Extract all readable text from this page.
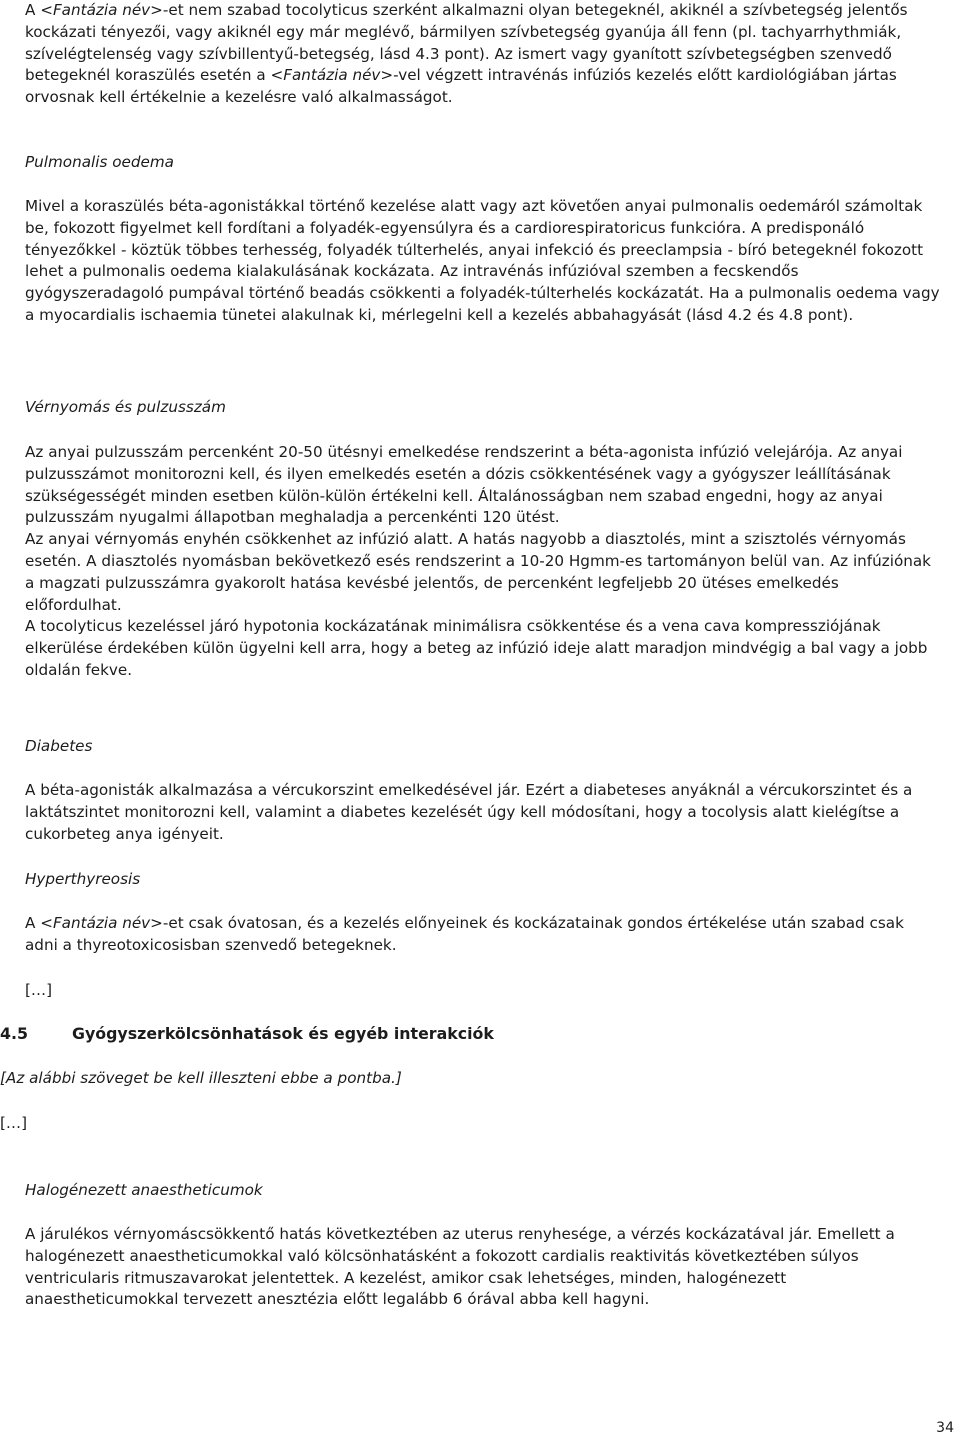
A <Fantázia név>-et nem szabad tocolyticus szerként alkalmazni olyan betegeknél, akiknél a szívbetegség jelentős kockázati tényezői, vagy akiknél egy már meglévő, bármilyen szívbetegség gyanúja áll fenn (pl. tachyarrhythmiák, szívelégtelenség vagy szívbillentyű-betegség, lásd 4.3 pont). Az ismert vagy gyanított szívbetegségben szenvedő betegeknél koraszülés esetén a <Fantázia név>-vel végzett intravénás infúziós kezelés előtt kardiológiában jártas orvosnak kell értékelnie a kezelésre való alkalmasságot.

Pulmonalis oedema

Mivel a koraszülés béta-agonistákkal történő kezelése alatt vagy azt követően anyai pulmonalis oedemáról számoltak be, fokozott figyelmet kell fordítani a folyadék-egyensúlyra és a cardiorespiratoricus funkcióra. A predisponáló tényezőkkel - köztük többes terhesség, folyadék túlterhelés, anyai infekció és preeclampsia - bíró betegeknél fokozott lehet a pulmonalis oedema kialakulásának kockázata. Az intravénás infúzióval szemben a fecskendős gyógyszeradagoló pumpával történő beadás csökkenti a folyadék-túlterhelés kockázatát. Ha a pulmonalis oedema vagy a myocardialis ischaemia tünetei alakulnak ki, mérlegelni kell a kezelés abbahagyását (lásd 4.2 és 4.8 pont).

Vérnyomás és pulzusszám

Az anyai pulzusszám percenként 20-50 ütésnyi emelkedése rendszerint a béta-agonista infúzió velejárója. Az anyai pulzusszámot monitorozni kell, és ilyen emelkedés esetén a dózis csökkentésének vagy a gyógyszer leállításának szükségességét minden esetben külön-külön értékelni kell. Általánosságban nem szabad engedni, hogy az anyai pulzusszám nyugalmi állapotban meghaladja a percenkénti 120 ütést.

Az anyai vérnyomás enyhén csökkenhet az infúzió alatt. A hatás nagyobb a diasztolés, mint a szisztolés vérnyomás esetén. A diasztolés nyomásban bekövetkező esés rendszerint a 10-20 Hgmm-es tartományon belül van. Az infúziónak a magzati pulzusszámra gyakorolt hatása kevésbé jelentős, de percenként legfeljebb 20 ütéses emelkedés előfordulhat.

A tocolyticus kezeléssel járó hypotonia kockázatának minimálisra csökkentése és a vena cava kompressziójának elkerülése érdekében külön ügyelni kell arra, hogy a beteg az infúzió ideje alatt maradjon mindvégig a bal vagy a jobb oldalán fekve.

Diabetes

A béta-agonisták alkalmazása a vércukorszint emelkedésével jár. Ezért a diabeteses anyáknál a vércukorszintet és a laktátszintet monitorozni kell, valamint a diabetes kezelését úgy kell módosítani, hogy a tocolysis alatt kielégítse a cukorbeteg anya igényeit.

Hyperthyreosis

A <Fantázia név>-et csak óvatosan, és a kezelés előnyeinek és kockázatainak gondos értékelése után szabad csak adni a thyreotoxicosisban szenvedő betegeknek.

[…]

4.5	Gyógyszerkölcsönhatások és egyéb interakciók

[Az alábbi szöveget be kell illeszteni ebbe a pontba.]

[…]

Halogénezett anaestheticumok

A járulékos vérnyomáscsökkentő hatás következtében az uterus renyhesége, a vérzés kockázatával jár. Emellett a halogénezett anaestheticumokkal való kölcsönhatásként a fokozott cardialis reaktivitás következtében súlyos ventricularis ritmuszavarokat jelentettek. A kezelést, amikor csak lehetséges, minden, halogénezett anaestheticumokkal tervezett anesztézia előtt legalább 6 órával abba kell hagyni.

34
